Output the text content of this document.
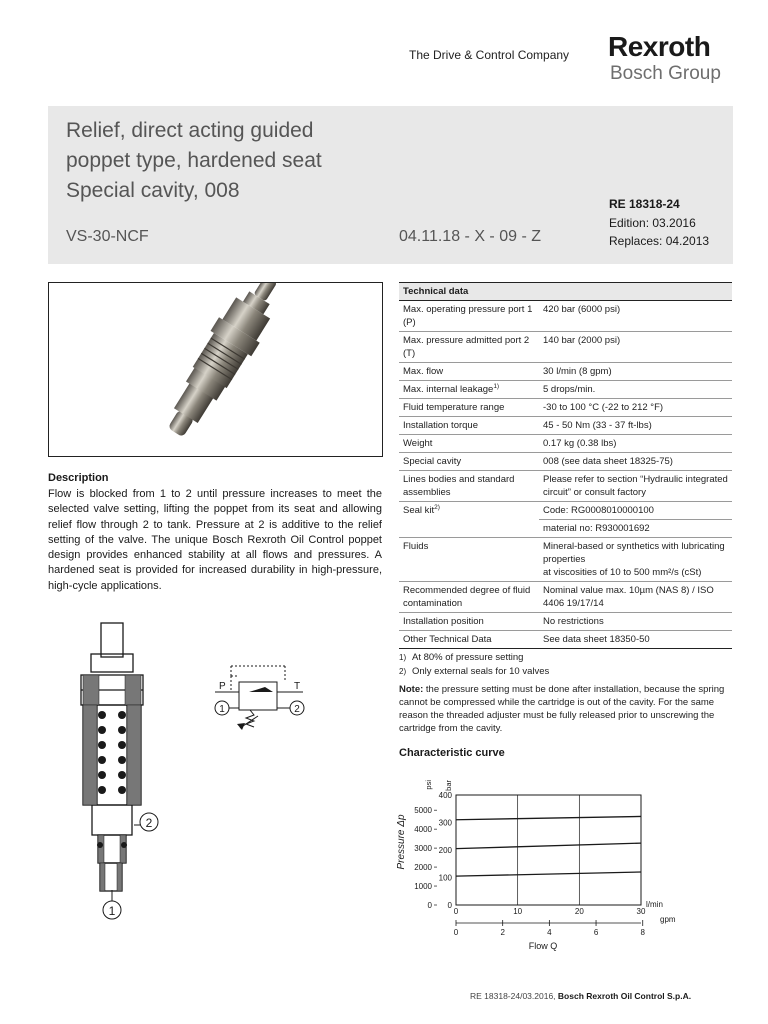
The Drive & Control Company Rexroth
Bosch Group
Relief, direct acting guided
poppet type, hardened seat
Special cavity, 008
VS-30-NCF	04.11.18 - X - 09 - Z
RE 18318-24
Edition: 03.2016
Replaces: 04.2013
Description
Flow is blocked from 1 to 2 until pressure increases to meet the selected valve setting, lifting the poppet from its seat and allowing relief flow through 2 to tank. Pressure at 2 is additive to the relief setting of the valve. The unique Bosch Rexroth Oil Control poppet design provides enhanced stability at all flows and pressures. A hardened seat is provided for increased durability in high-pressure, high-cycle applications.
2
1
P	T
1	2
Technical data	
Max. operating pressure port 1 (P)	420 bar (6000 psi)
Max. pressure admitted port 2 (T)	140 bar (2000 psi)
Max. flow	30 l/min (8 gpm)
Max. internal leakage$^{1)}$	5 drops/min.
Fluid temperature range	-30 to 100 °C (-22 to 212 °F)
Installation torque	45 - 50 Nm (33 - 37 ft-lbs)
Weight	0.17 kg (0.38 lbs)
Special cavity	008 (see data sheet 18325-75)
Lines bodies and standard assemblies	Please refer to section “Hydraulic integrated circuit” or consult factory
Seal kit$^{2)}$	Code: RG0008010000100
	material no: R930001692
Fluids	Mineral-based or synthetics with lubricating properties
at viscosities of 10 to 500 mm²/s (cSt)

Recommended degree of fluid contamination	Nominal value max. 10µm (NAS 8) / ISO 4406 19/17/14
Installation position	No restrictions
Other Technical Data	See data sheet 18350-50
1) At 80% of pressure setting
2) Only external seals for 10 valves
Note: the pressure setting must be done after installation, because the spring cannot be compressed while the cartridge is out of the cavity. For the same reason the threaded adjuster must be fully released prior to unscrewing the cartridge from the cavity.
Characteristic curve
400
300
200
100
0
5000
4000
3000
2000
1000
0
psi bar
Pressure Δp
0	10	20	30
l/min
0	2	4	6	8
gpm
Flow Q
RE 18318-24/03.2016, Bosch Rexroth Oil Control S.p.A.
